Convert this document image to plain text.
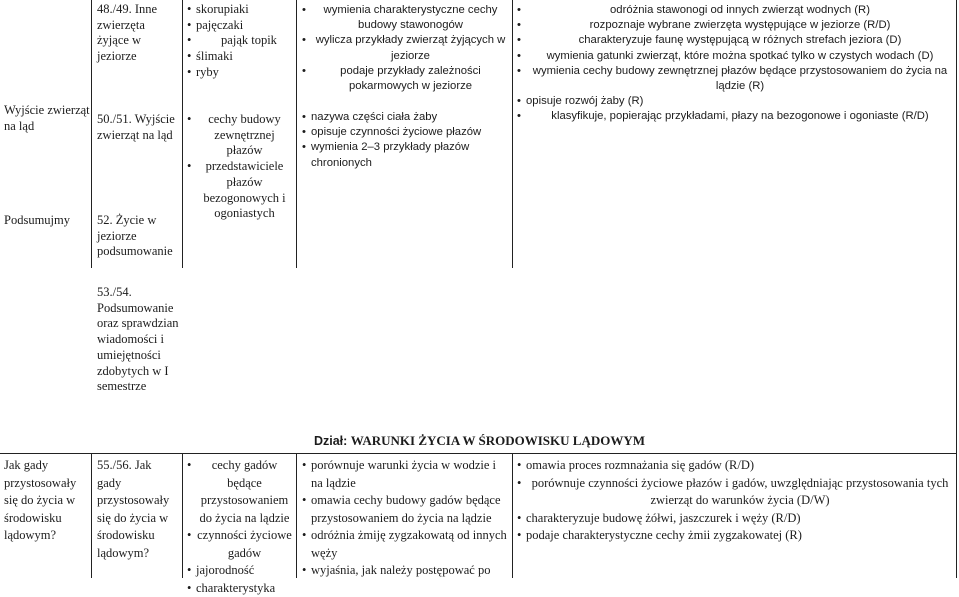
Wyjście zwierząt na ląd
Podsumujmy
48./49. Inne zwierzęta żyjące w jeziorze
50./51. Wyjście zwierząt na ląd
52. Życie w jeziorze podsumowanie
53./54. Podsumowanie oraz sprawdzian wiadomości i umiejętności zdobytych w I semestrze
• skorupiaki
• pajęczaki
• pająk topik
• ślimaki
• ryby
• cechy budowy zewnętrznej płazów
• przedstawiciele płazów bezogonowych i ogoniastych
• wymienia charakterystyczne cechy budowy stawonogów
• wylicza przykłady zwierząt żyjących w jeziorze
• podaje przykłady zależności pokarmowych w jeziorze
• nazywa części ciała żaby
• opisuje czynności życiowe płazów
• wymienia 2–3 przykłady płazów chronionych
• odróżnia stawonogi od innych zwierząt wodnych (R)
• rozpoznaje wybrane zwierzęta występujące w jeziorze (R/D)
• charakteryzuje faunę występującą w różnych strefach jeziora (D)
• wymienia gatunki zwierząt, które można spotkać tylko w czystych wodach (D)
• wymienia cechy budowy zewnętrznej płazów będące przystosowaniem do życia na lądzie (R)
• opisuje rozwój żaby (R)
• klasyfikuje, popierając przykładami, płazy na bezogonowe i ogoniaste (R/D)
Dział: WARUNKI ŻYCIA W ŚRODOWISKU LĄDOWYM
Jak gady przystosowały się do życia w środowisku lądowym?
55./56. Jak gady przystosowały się do życia w środowisku lądowym?
• cechy gadów będące przystosowaniem do życia na lądzie
• czynności życiowe gadów
• jajorodność
• charakterystyka
• porównuje warunki życia w wodzie i na lądzie
• omawia cechy budowy gadów będące przystosowaniem do życia na lądzie
• odróżnia żmiję zygzakowatą od innych węży
• wyjaśnia, jak należy postępować po
• omawia proces rozmnażania się gadów (R/D)
• porównuje czynności życiowe płazów i gadów, uwzględniając przystosowania tych zwierząt do warunków życia (D/W)
• charakteryzuje budowę żółwi, jaszczurek i węży (R/D)
• podaje charakterystyczne cechy żmii zygzakowatej (R)
